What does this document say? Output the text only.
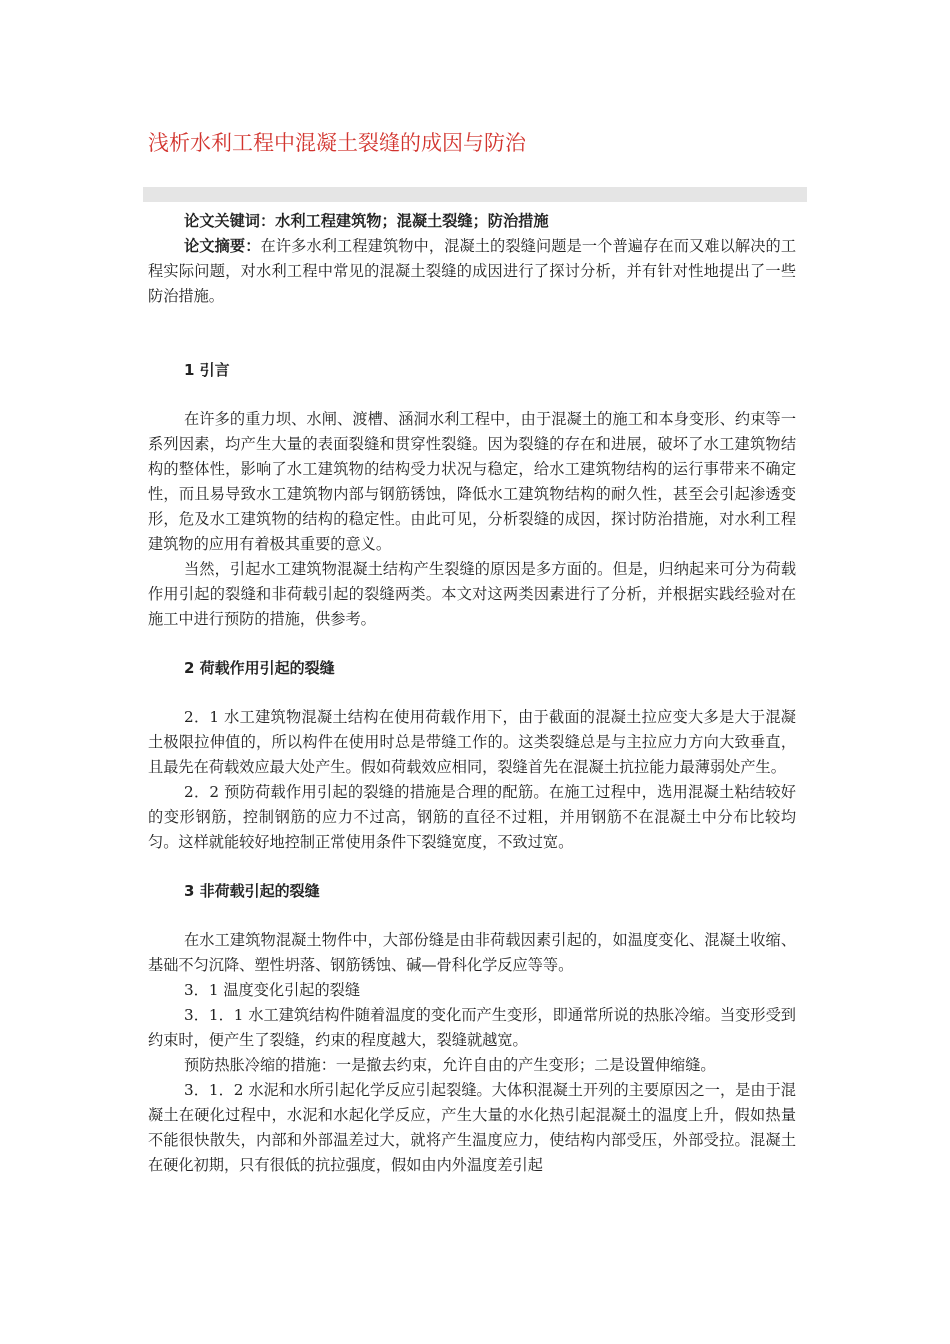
浅析水利工程中混凝土裂缝的成因与防治

论文关键词：水利工程建筑物；混凝土裂缝；防治措施

论文摘要：在许多水利工程建筑物中，混凝土的裂缝问题是一个普遍存在而又难以解决的工程实际问题，对水利工程中常见的混凝土裂缝的成因进行了探讨分析，并有针对性地提出了一些防治措施。

1 引言

在许多的重力坝、水闸、渡槽、涵洞水利工程中，由于混凝土的施工和本身变形、约束等一系列因素，均产生大量的表面裂缝和贯穿性裂缝。因为裂缝的存在和进展，破坏了水工建筑物结构的整体性，影响了水工建筑物的结构受力状况与稳定，给水工建筑物结构的运行事带来不确定性，而且易导致水工建筑物内部与钢筋锈蚀，降低水工建筑物结构的耐久性，甚至会引起渗透变形，危及水工建筑物的结构的稳定性。由此可见，分析裂缝的成因，探讨防治措施，对水利工程建筑物的应用有着极其重要的意义。

当然，引起水工建筑物混凝土结构产生裂缝的原因是多方面的。但是，归纳起来可分为荷载作用引起的裂缝和非荷载引起的裂缝两类。本文对这两类因素进行了分析，并根据实践经验对在施工中进行预防的措施，供参考。

2 荷载作用引起的裂缝

2．1 水工建筑物混凝土结构在使用荷载作用下，由于截面的混凝土拉应变大多是大于混凝土极限拉伸值的，所以构件在使用时总是带缝工作的。这类裂缝总是与主拉应力方向大致垂直，且最先在荷载效应最大处产生。假如荷载效应相同，裂缝首先在混凝土抗拉能力最薄弱处产生。

2．2 预防荷载作用引起的裂缝的措施是合理的配筋。在施工过程中，选用混凝土粘结较好的变形钢筋，控制钢筋的应力不过高，钢筋的直径不过粗，并用钢筋不在混凝土中分布比较均匀。这样就能较好地控制正常使用条件下裂缝宽度，不致过宽。

3 非荷载引起的裂缝

在水工建筑物混凝土物件中，大部份缝是由非荷载因素引起的，如温度变化、混凝土收缩、基础不匀沉降、塑性坍落、钢筋锈蚀、碱—骨科化学反应等等。

3．1 温度变化引起的裂缝

3．1．1 水工建筑结构件随着温度的变化而产生变形，即通常所说的热胀冷缩。当变形受到约束时，便产生了裂缝，约束的程度越大，裂缝就越宽。

预防热胀冷缩的措施：一是撤去约束，允许自由的产生变形；二是设置伸缩缝。

3．1．2 水泥和水所引起化学反应引起裂缝。大体积混凝土开列的主要原因之一，是由于混凝土在硬化过程中，水泥和水起化学反应，产生大量的水化热引起混凝土的温度上升，假如热量不能很快散失，内部和外部温差过大，就将产生温度应力，使结构内部受压，外部受拉。混凝土在硬化初期，只有很低的抗拉强度，假如由内外温度差引起
